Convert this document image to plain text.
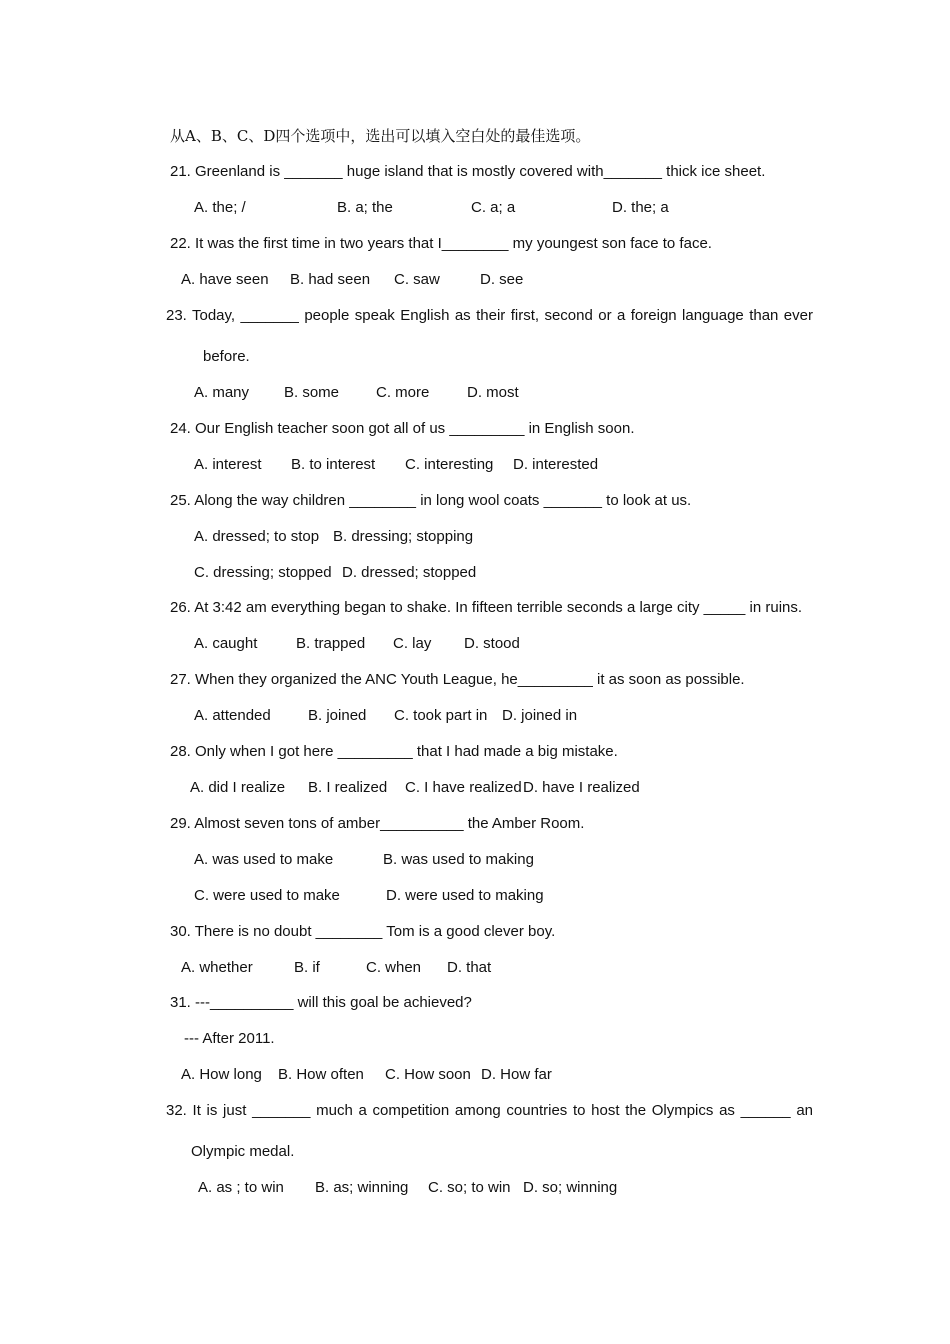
从A、B、C、D四个选项中，选出可以填入空白处的最佳选项。
21. Greenland is _______ huge island that is mostly covered with_______ thick ice sheet.
A. the; /	B. a; the	C. a; a	D. the; a
22. It was the first time in two years that I________ my youngest son face to face.
A. have seen B. had seen C. saw	D. see
23. Today, _______ people speak English as their first, second or a foreign language than ever
before.
A. many B. some C. more	D. most
24. Our English teacher soon got all of us _________ in English soon.
A. interest B. to interest C. interesting D. interested
25. Along the way children ________ in long wool coats _______ to look at us.
A. dressed; to stop B. dressing; stopping
C. dressing; stopped D. dressed; stopped
26. At 3:42 am everything began to shake. In fifteen terrible seconds a large city _____ in ruins.
A. caught	B. trapped C. lay D. stood
27. When they organized the ANC Youth League, he_________ it as soon as possible.
A. attended B. joined C. took part in D. joined in
28. Only when I got here _________ that I had made a big mistake.
A. did I realize B. I realized C. I have realized D. have I realized
29. Almost seven tons of amber__________ the Amber Room.
A. was used to make	B. was used to making
C. were used to make	D. were used to making
30. There is no doubt ________ Tom is a good clever boy.
A. whether	B. if	C. when D. that
31. ---__________ will this goal be achieved?
--- After 2011.
A. How long B. How often C. How soon D. How far
32. It is just _______ much a competition among countries to host the Olympics as ______ an
Olympic medal.
A. as ; to win B. as; winning C. so; to win D. so; winning
